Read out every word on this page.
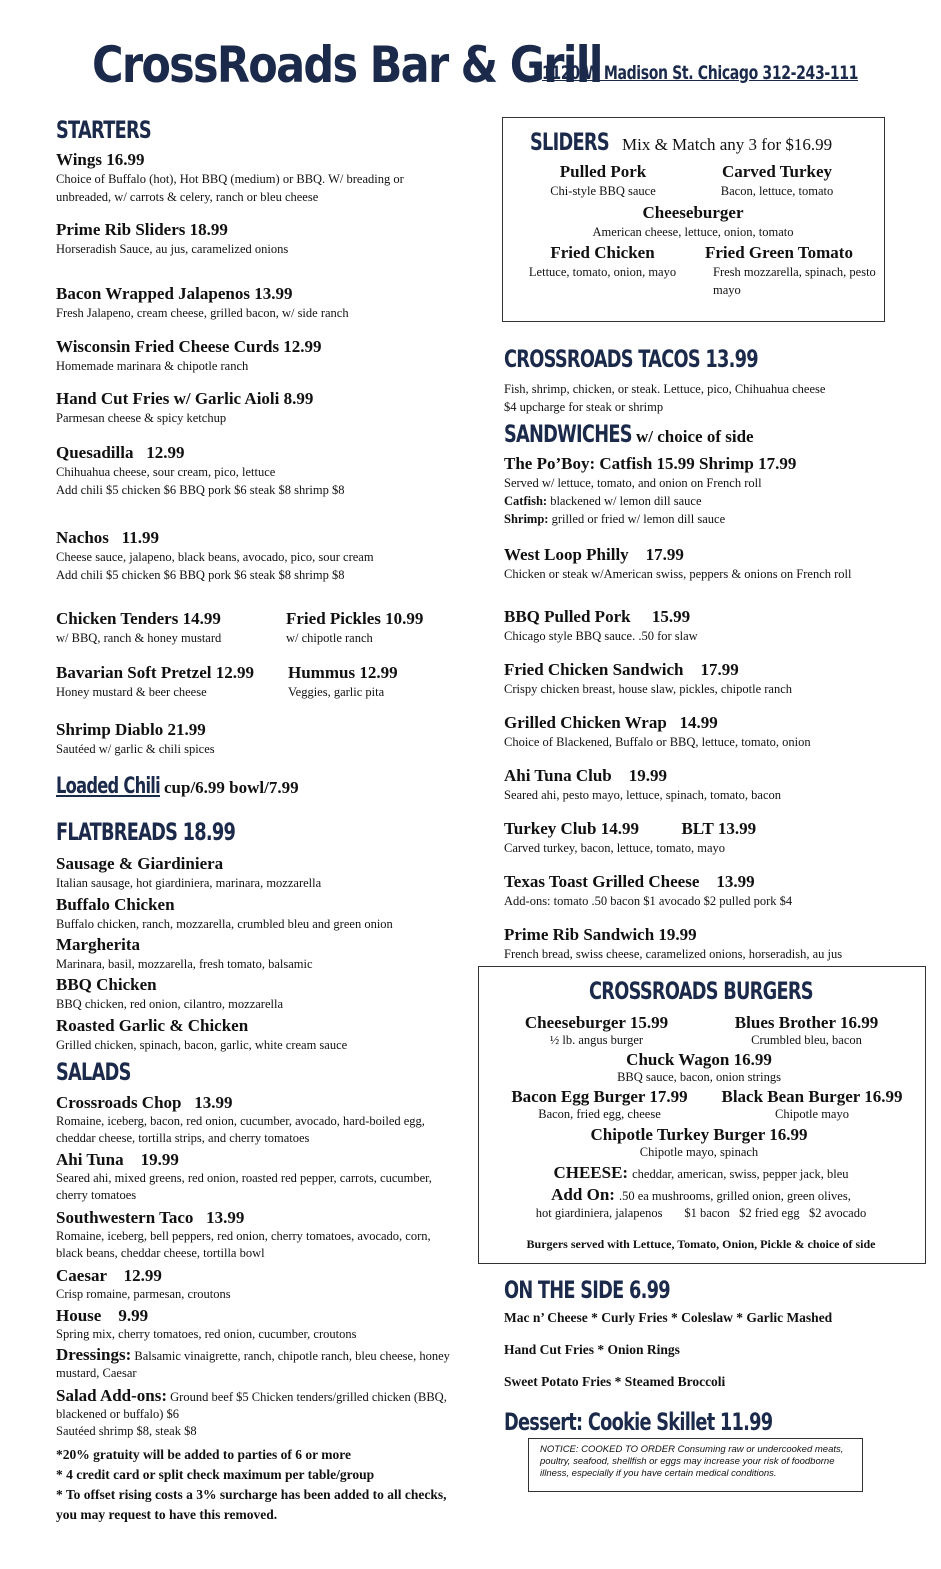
CrossRoads Bar & Grill
1120 W Madison St. Chicago 312-243-111
STARTERS
Wings 16.99
Choice of Buffalo (hot), Hot BBQ (medium) or BBQ. W/ breading or unbreaded, w/ carrots & celery, ranch or bleu cheese
Prime Rib Sliders 18.99
Horseradish Sauce, au jus, caramelized onions
Bacon Wrapped Jalapenos 13.99
Fresh Jalapeno, cream cheese, grilled bacon, w/ side ranch
Wisconsin Fried Cheese Curds 12.99
Homemade marinara & chipotle ranch
Hand Cut Fries w/ Garlic Aioli 8.99
Parmesan cheese & spicy ketchup
Quesadilla   12.99
Chihuahua cheese, sour cream, pico, lettuce
Add chili $5 chicken $6 BBQ pork $6 steak $8 shrimp $8
Nachos   11.99
Cheese sauce, jalapeno, black beans, avocado, pico, sour cream
Add chili $5 chicken $6 BBQ pork $6 steak $8 shrimp $8
Chicken Tenders 14.99
w/ BBQ, ranch & honey mustard
Fried Pickles 10.99
w/ chipotle ranch
Bavarian Soft Pretzel 12.99
Honey mustard & beer cheese
Hummus 12.99
Veggies, garlic pita
Shrimp Diablo 21.99
Sautéed w/ garlic & chili spices
Loaded Chili cup/6.99 bowl/7.99
FLATBREADS 18.99
Sausage & Giardiniera
Italian sausage, hot giardiniera, marinara, mozzarella
Buffalo Chicken
Buffalo chicken, ranch, mozzarella, crumbled bleu and green onion
Margherita
Marinara, basil, mozzarella, fresh tomato, balsamic
BBQ Chicken
BBQ chicken, red onion, cilantro, mozzarella
Roasted Garlic & Chicken
Grilled chicken, spinach, bacon, garlic, white cream sauce
SALADS
Crossroads Chop   13.99
Romaine, iceberg, bacon, red onion, cucumber, avocado, hard-boiled egg, cheddar cheese, tortilla strips, and cherry tomatoes
Ahi Tuna    19.99
Seared ahi, mixed greens, red onion, roasted red pepper, carrots, cucumber, cherry tomatoes
Southwestern Taco   13.99
Romaine, iceberg, bell peppers, red onion, cherry tomatoes, avocado, corn, black beans, cheddar cheese, tortilla bowl
Caesar    12.99
Crisp romaine, parmesan, croutons
House    9.99
Spring mix, cherry tomatoes, red onion, cucumber, croutons
Dressings: Balsamic vinaigrette, ranch, chipotle ranch, bleu cheese, honey mustard, Caesar
Salad Add-ons: Ground beef $5 Chicken tenders/grilled chicken (BBQ, blackened or buffalo) $6
Sautéed shrimp $8, steak $8
*20% gratuity will be added to parties of 6 or more
* 4 credit card or split check maximum per table/group
* To offset rising costs a 3% surcharge has been added to all checks, you may request to have this removed.
SLIDERS Mix & Match any 3 for $16.99
Pulled Pork
Chi-style BBQ sauce
Carved Turkey
Bacon, lettuce, tomato
Cheeseburger
American cheese, lettuce, onion, tomato
Fried Chicken
Lettuce, tomato, onion, mayo
Fried Green Tomato
Fresh mozzarella, spinach, pesto mayo
CROSSROADS TACOS 13.99
Fish, shrimp, chicken, or steak. Lettuce, pico, Chihuahua cheese
$4 upcharge for steak or shrimp
SANDWICHES w/ choice of side
The Po’Boy: Catfish 15.99 Shrimp 17.99
Served w/ lettuce, tomato, and onion on French roll
Catfish: blackened w/ lemon dill sauce
Shrimp: grilled or fried w/ lemon dill sauce
West Loop Philly    17.99
Chicken or steak w/American swiss, peppers & onions on French roll
BBQ Pulled Pork     15.99
Chicago style BBQ sauce. .50 for slaw
Fried Chicken Sandwich    17.99
Crispy chicken breast, house slaw, pickles, chipotle ranch
Grilled Chicken Wrap   14.99
Choice of Blackened, Buffalo or BBQ, lettuce, tomato, onion
Ahi Tuna Club    19.99
Seared ahi, pesto mayo, lettuce, spinach, tomato, bacon
Turkey Club 14.99          BLT 13.99
Carved turkey, bacon, lettuce, tomato, mayo
Texas Toast Grilled Cheese    13.99
Add-ons: tomato .50 bacon $1 avocado $2 pulled pork $4
Prime Rib Sandwich 19.99
French bread, swiss cheese, caramelized onions, horseradish, au jus
CROSSROADS BURGERS
Cheeseburger 15.99
½ lb. angus burger
Blues Brother 16.99
Crumbled bleu, bacon
Chuck Wagon 16.99
BBQ sauce, bacon, onion strings
Bacon Egg Burger 17.99
Bacon, fried egg, cheese
Black Bean Burger 16.99
Chipotle mayo
Chipotle Turkey Burger 16.99
Chipotle mayo, spinach
CHEESE: cheddar, american, swiss, pepper jack, bleu
Add On: .50 ea mushrooms, grilled onion, green olives,
hot giardiniera, jalapenos       $1 bacon   $2 fried egg   $2 avocado
Burgers served with Lettuce, Tomato, Onion, Pickle & choice of side
ON THE SIDE 6.99
Mac n’ Cheese * Curly Fries * Coleslaw * Garlic Mashed
Hand Cut Fries * Onion Rings
Sweet Potato Fries * Steamed Broccoli
Dessert: Cookie Skillet 11.99
NOTICE: COOKED TO ORDER Consuming raw or undercooked meats, poultry, seafood, shellfish or eggs may increase your risk of foodborne illness, especially if you have certain medical conditions.
